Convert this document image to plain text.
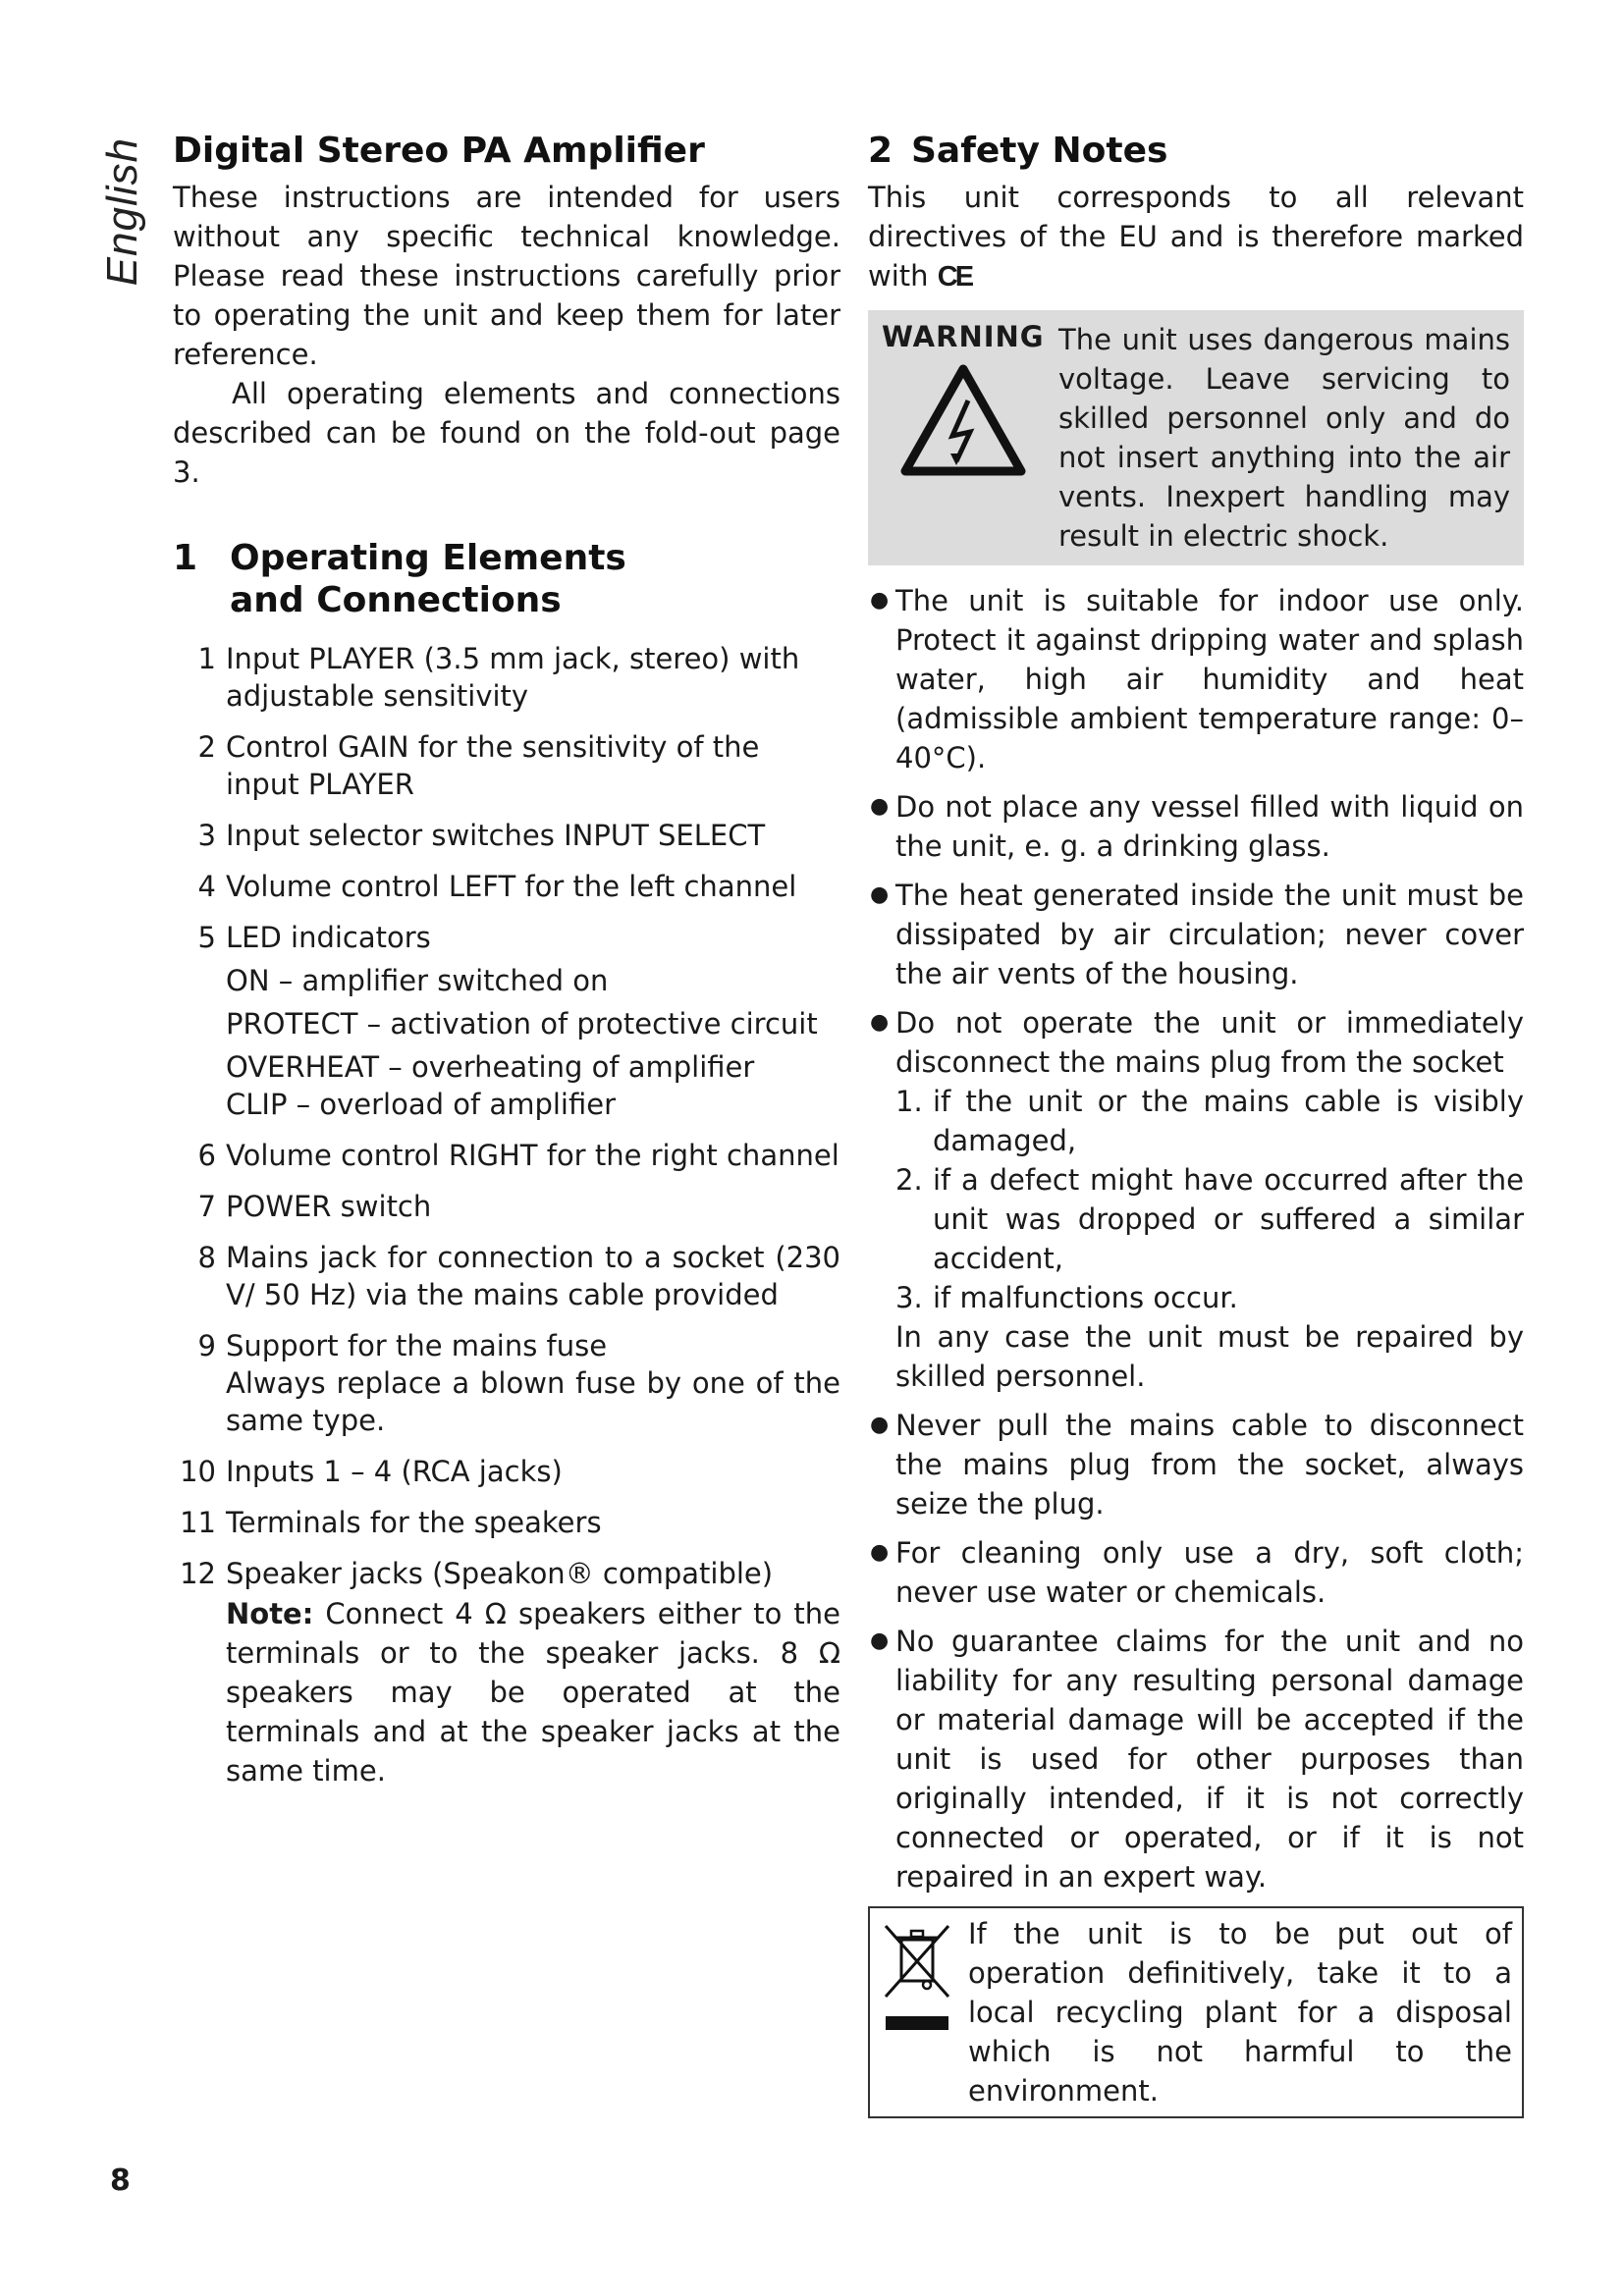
English Digital Stereo PA Amplifier

These instructions are intended for users without any specific technical knowledge. Please read these instructions carefully prior to operating the unit and keep them for later reference.

All operating elements and connections described can be found on the fold-out page 3.

1 Operating Elements
and Connections
1 Input PLAYER (3.5 mm jack, stereo) with adjustable sensitivity
2 Control GAIN for the sensitivity of the input PLAYER
3 Input selector switches INPUT SELECT
4 Volume control LEFT for the left channel
5 LED indicators
ON – amplifier switched on
PROTECT – activation of protective circuit
OVERHEAT – overheating of amplifier
CLIP – overload of amplifier
6 Volume control RIGHT for the right channel
7 POWER switch
8 Mains jack for connection to a socket (230 V/ 50 Hz) via the mains cable provided
9 Support for the mains fuse
Always replace a blown fuse by one of the same type.
10 Inputs 1 – 4 (RCA jacks)
11 Terminals for the speakers
12 Speaker jacks (Speakon® compatible)
Note: Connect 4 Ω speakers either to the terminals or to the speaker jacks. 8 Ω speakers may be operated at the terminals and at the speaker jacks at the same time.
2 Safety Notes

This unit corresponds to all relevant directives of the EU and is therefore marked with CE

WARNING The unit uses dangerous mains voltage. Leave servicing to skilled personnel only and do not insert anything into the air vents. Inexpert handling may result in electric shock.
● The unit is suitable for indoor use only. Protect it against dripping water and splash water, high air humidity and heat (admissible ambient temperature range: 0–40°C).
● Do not place any vessel filled with liquid on the unit, e. g. a drinking glass.
● The heat generated inside the unit must be dissipated by air circulation; never cover the air vents of the housing.
● Do not operate the unit or immediately disconnect the mains plug from the socket
1. if the unit or the mains cable is visibly damaged,
2. if a defect might have occurred after the unit was dropped or suffered a similar accident,
3. if malfunctions occur.
In any case the unit must be repaired by skilled personnel.
● Never pull the mains cable to disconnect the mains plug from the socket, always seize the plug.
● For cleaning only use a dry, soft cloth; never use water or chemicals.
● No guarantee claims for the unit and no liability for any resulting personal damage or material damage will be accepted if the unit is used for other purposes than originally intended, if it is not correctly connected or operated, or if it is not repaired in an expert way.
If the unit is to be put out of operation definitively, take it to a local recycling plant for a disposal which is not harmful to the environment.
8
